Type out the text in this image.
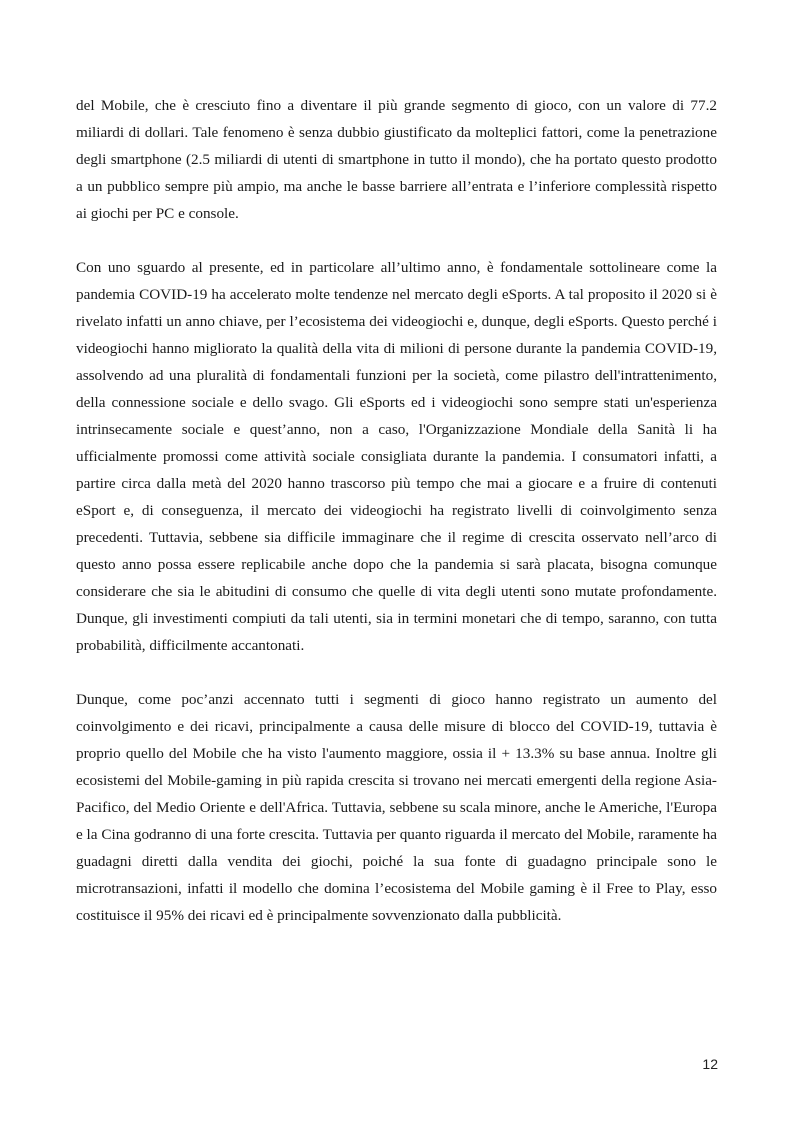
del Mobile, che è cresciuto fino a diventare il più grande segmento di gioco, con un valore di 77.2 miliardi di dollari. Tale fenomeno è senza dubbio giustificato da molteplici fattori, come la penetrazione degli smartphone (2.5 miliardi di utenti di smartphone in tutto il mondo), che ha portato questo prodotto a un pubblico sempre più ampio, ma anche le basse barriere all’entrata e l’inferiore complessità rispetto ai giochi per PC e console.

Con uno sguardo al presente, ed in particolare all’ultimo anno, è fondamentale sottolineare come la pandemia COVID-19 ha accelerato molte tendenze nel mercato degli eSports. A tal proposito il 2020 si è rivelato infatti un anno chiave, per l’ecosistema dei videogiochi e, dunque, degli eSports. Questo perché i videogiochi hanno migliorato la qualità della vita di milioni di persone durante la pandemia COVID-19, assolvendo ad una pluralità di fondamentali funzioni per la società, come pilastro dell'intrattenimento, della connessione sociale e dello svago. Gli eSports ed i videogiochi sono sempre stati un'esperienza intrinsecamente sociale e quest’anno, non a caso, l'Organizzazione Mondiale della Sanità li ha ufficialmente promossi come attività sociale consigliata durante la pandemia. I consumatori infatti, a partire circa dalla metà del 2020 hanno trascorso più tempo che mai a giocare e a fruire di contenuti eSport e, di conseguenza, il mercato dei videogiochi ha registrato livelli di coinvolgimento senza precedenti. Tuttavia, sebbene sia difficile immaginare che il regime di crescita osservato nell’arco di questo anno possa essere replicabile anche dopo che la pandemia si sarà placata, bisogna comunque considerare che sia le abitudini di consumo che quelle di vita degli utenti sono mutate profondamente. Dunque, gli investimenti compiuti da tali utenti, sia in termini monetari che di tempo, saranno, con tutta probabilità, difficilmente accantonati.

Dunque, come poc’anzi accennato tutti i segmenti di gioco hanno registrato un aumento del coinvolgimento e dei ricavi, principalmente a causa delle misure di blocco del COVID-19, tuttavia è proprio quello del Mobile che ha visto l'aumento maggiore, ossia il + 13.3% su base annua. Inoltre gli ecosistemi del Mobile-gaming in più rapida crescita si trovano nei mercati emergenti della regione Asia-Pacifico, del Medio Oriente e dell'Africa. Tuttavia, sebbene su scala minore, anche le Americhe, l'Europa e la Cina godranno di una forte crescita. Tuttavia per quanto riguarda il mercato del Mobile, raramente ha guadagni diretti dalla vendita dei giochi, poiché la sua fonte di guadagno principale sono le microtransazioni, infatti il modello che domina l’ecosistema del Mobile gaming è il Free to Play, esso costituisce il 95% dei ricavi ed è principalmente sovvenzionato dalla pubblicità.

12
